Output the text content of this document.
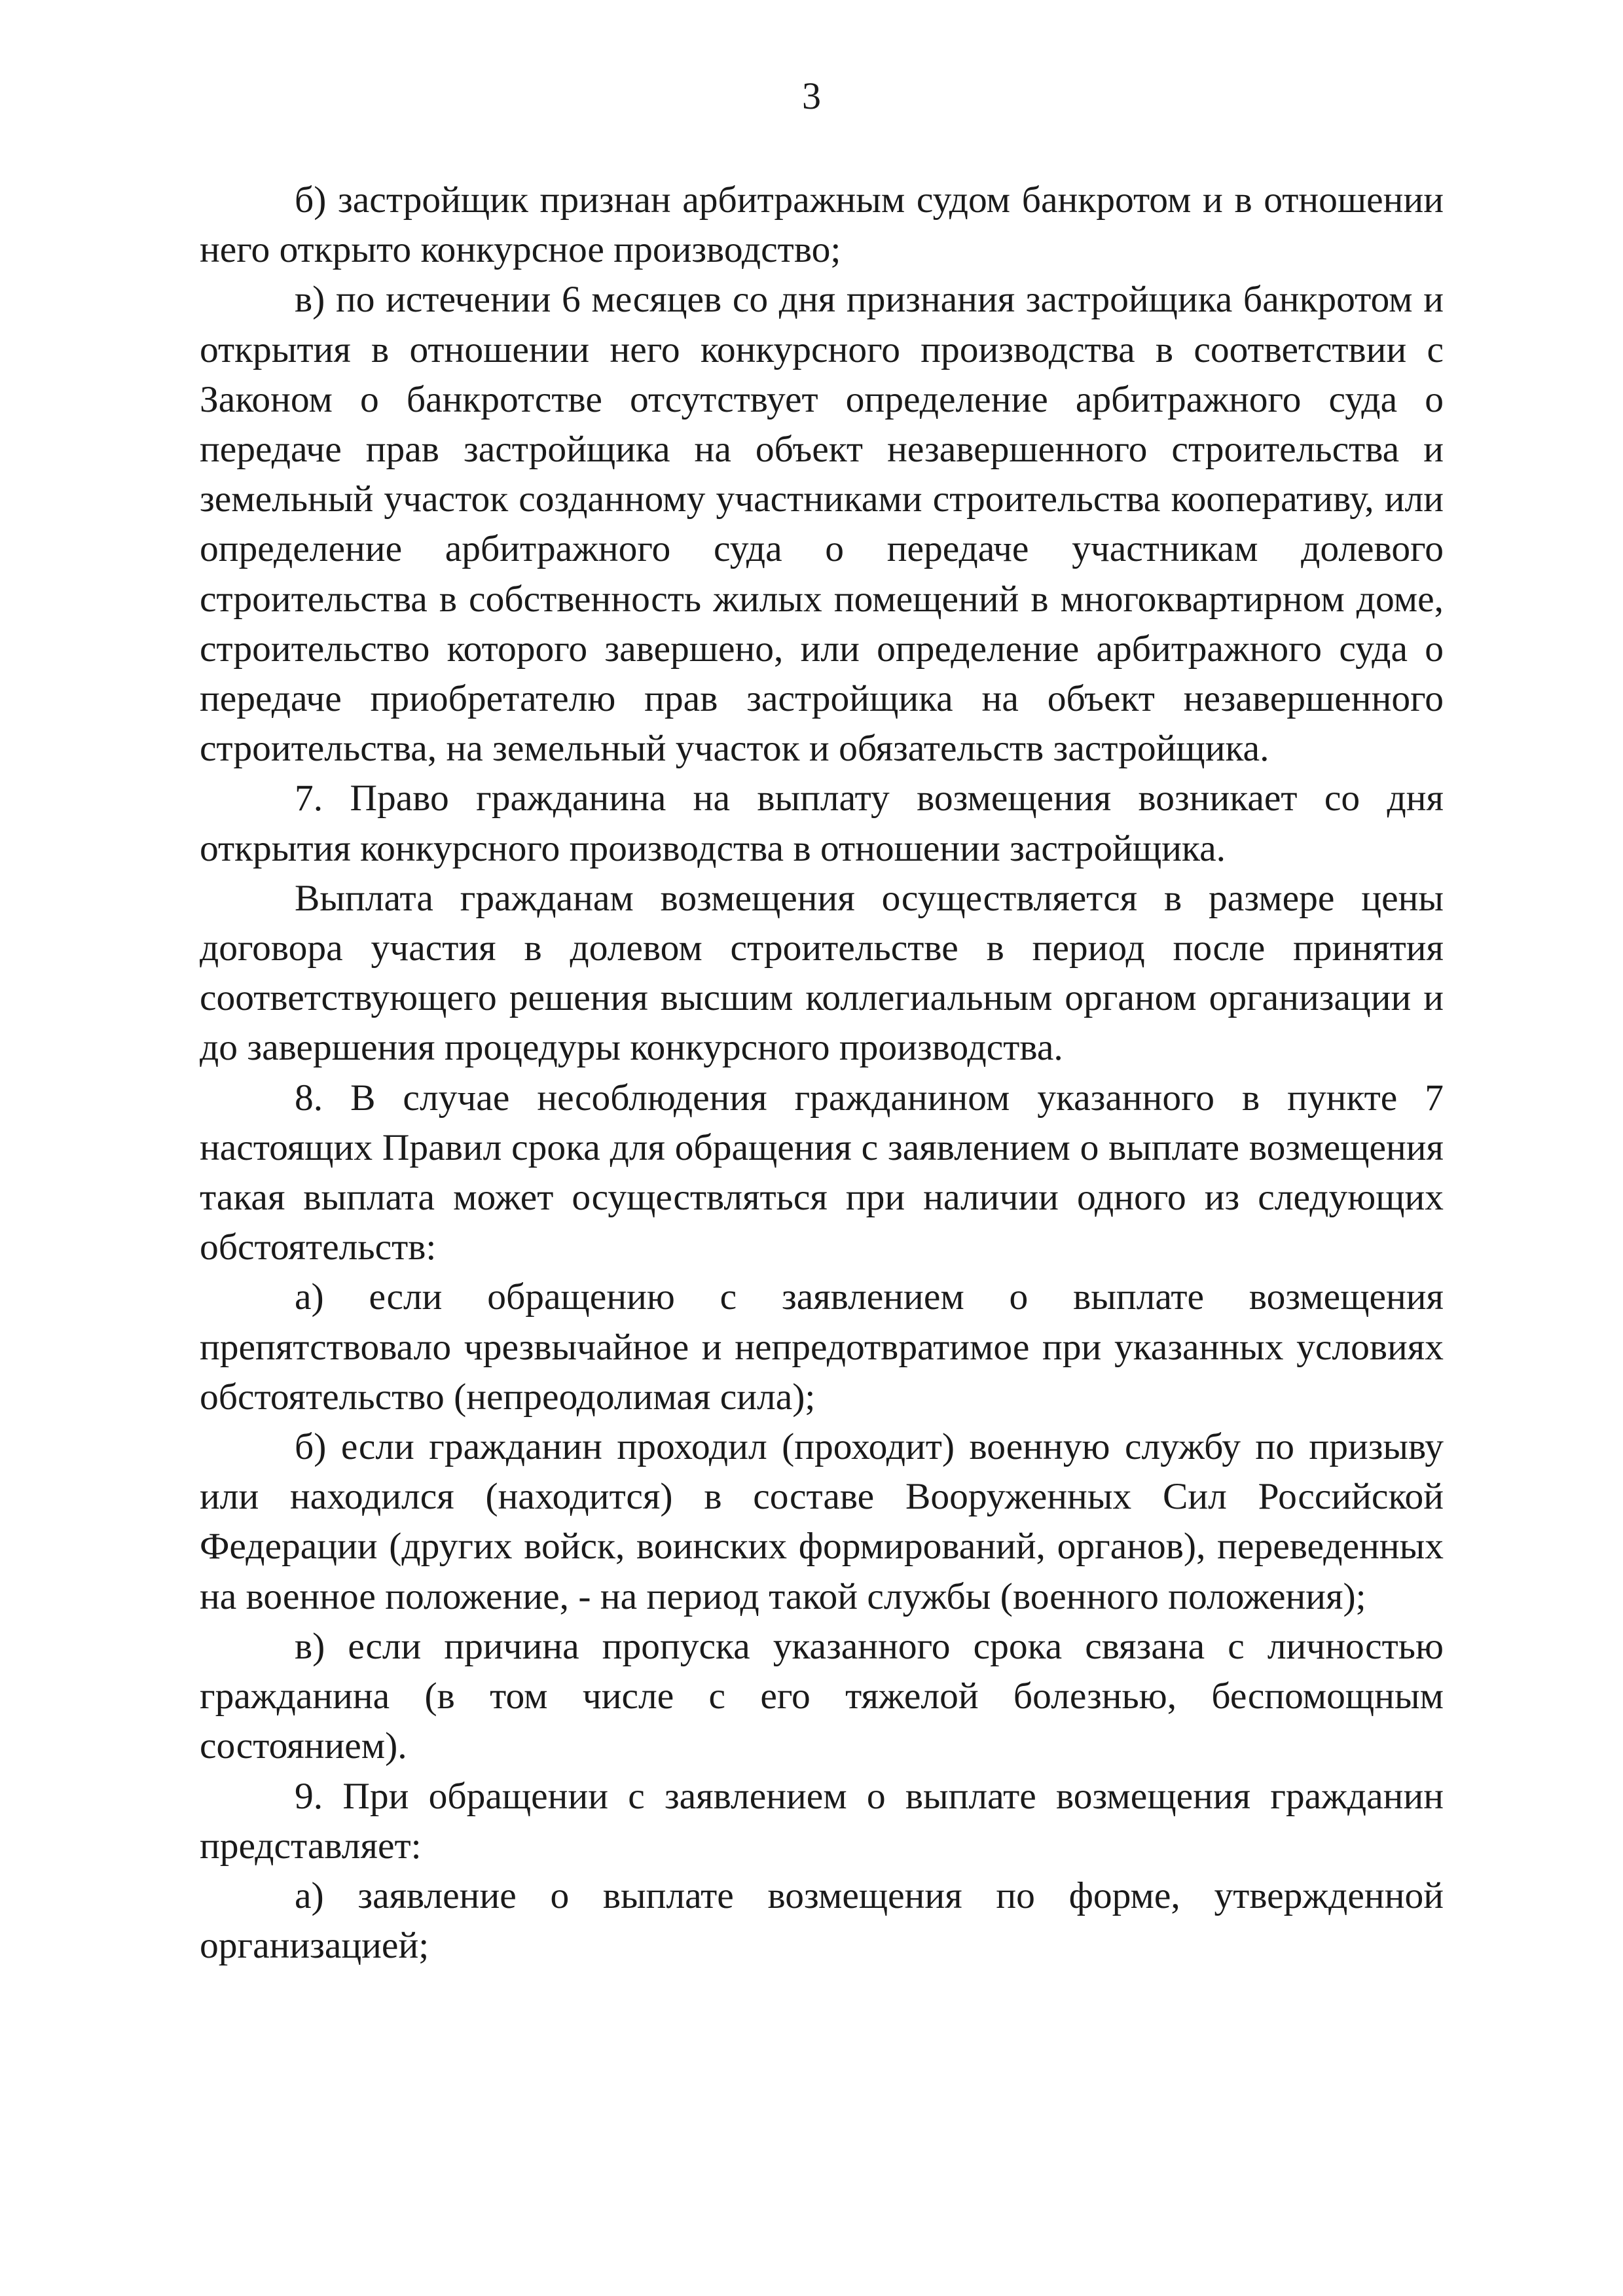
3

б) застройщик признан арбитражным судом банкротом и в отношении него открыто конкурсное производство;

в) по истечении 6 месяцев со дня признания застройщика банкротом и открытия в отношении него конкурсного производства в соответствии с Законом о банкротстве отсутствует определение арбитражного суда о передаче прав застройщика на объект незавершенного строительства и земельный участок созданному участниками строительства кооперативу, или определение арбитражного суда о передаче участникам долевого строительства в собственность жилых помещений в многоквартирном доме, строительство которого завершено, или определение арбитражного суда о передаче приобретателю прав застройщика на объект незавершенного строительства, на земельный участок и обязательств застройщика.

7. Право гражданина на выплату возмещения возникает со дня открытия конкурсного производства в отношении застройщика.

Выплата гражданам возмещения осуществляется в размере цены договора участия в долевом строительстве в период после принятия соответствующего решения высшим коллегиальным органом организации и до завершения процедуры конкурсного производства.

8. В случае несоблюдения гражданином указанного в пункте 7 настоящих Правил срока для обращения с заявлением о выплате возмещения такая выплата может осуществляться при наличии одного из следующих обстоятельств:

а) если обращению с заявлением о выплате возмещения препятствовало чрезвычайное и непредотвратимое при указанных условиях обстоятельство (непреодолимая сила);

б) если гражданин проходил (проходит) военную службу по призыву или находился (находится) в составе Вооруженных Сил Российской Федерации (других войск, воинских формирований, органов), переведенных на военное положение, - на период такой службы (военного положения);

в) если причина пропуска указанного срока связана с личностью гражданина (в том числе с его тяжелой болезнью, беспомощным состоянием).

9. При обращении с заявлением о выплате возмещения гражданин представляет:

а) заявление о выплате возмещения по форме, утвержденной организацией;
